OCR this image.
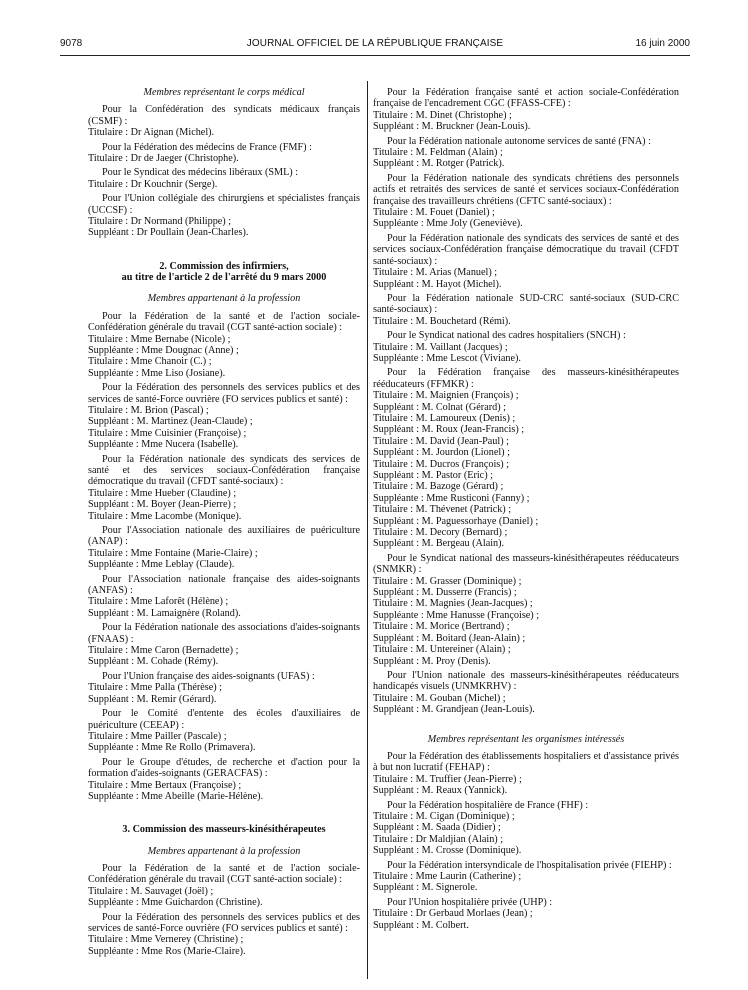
9078	JOURNAL OFFICIEL DE LA RÉPUBLIQUE FRANÇAISE	16 juin 2000

Membres représentant le corps médical

Pour la Confédération des syndicats médicaux français (CSMF) :

Titulaire : Dr Aignan (Michel).

Pour la Fédération des médecins de France (FMF) :

Titulaire : Dr de Jaeger (Christophe).

Pour le Syndicat des médecins libéraux (SML) :

Titulaire : Dr Kouchnir (Serge).

Pour l'Union collégiale des chirurgiens et spécialistes français (UCCSF) :

Titulaire : Dr Normand (Philippe) ;

Suppléant : Dr Poullain (Jean-Charles).

2. Commission des infirmiers,

au titre de l'article 2 de l'arrêté du 9 mars 2000

Membres appartenant à la profession

Pour la Fédération de la santé et de l'action sociale-Confédération générale du travail (CGT santé-action sociale) :

Titulaire : Mme Bernabe (Nicole) ;

Suppléante : Mme Dougnac (Anne) ;

Titulaire : Mme Chanoir (C.) ;

Suppléante : Mme Liso (Josiane).

Pour la Fédération des personnels des services publics et des services de santé-Force ouvrière (FO services publics et santé) :

Titulaire : M. Brion (Pascal) ;

Suppléant : M. Martinez (Jean-Claude) ;

Titulaire : Mme Cuisinier (Françoise) ;

Suppléante : Mme Nucera (Isabelle).

Pour la Fédération nationale des syndicats des services de santé et des services sociaux-Confédération française démocratique du travail (CFDT santé-sociaux) :

Titulaire : Mme Hueber (Claudine) ;

Suppléant : M. Boyer (Jean-Pierre) ;

Titulaire : Mme Lacombe (Monique).

Pour l'Association nationale des auxiliaires de puériculture (ANAP) :

Titulaire : Mme Fontaine (Marie-Claire) ;

Suppléante : Mme Leblay (Claude).

Pour l'Association nationale française des aides-soignants (ANFAS) :

Titulaire : Mme Laforêt (Hélène) ;

Suppléant : M. Lamaignère (Roland).

Pour la Fédération nationale des associations d'aides-soignants (FNAAS) :

Titulaire : Mme Caron (Bernadette) ;

Suppléant : M. Cohade (Rémy).

Pour l'Union française des aides-soignants (UFAS) :

Titulaire : Mme Palla (Thérèse) ;

Suppléant : M. Remir (Gérard).

Pour le Comité d'entente des écoles d'auxiliaires de puériculture (CEEAP) :

Titulaire : Mme Pailler (Pascale) ;

Suppléante : Mme Re Rollo (Primavera).

Pour le Groupe d'études, de recherche et d'action pour la formation d'aides-soignants (GERACFAS) :

Titulaire : Mme Bertaux (Françoise) ;

Suppléante : Mme Abeille (Marie-Hélène).

3. Commission des masseurs-kinésithérapeutes

Membres appartenant à la profession

Pour la Fédération de la santé et de l'action sociale-Confédération générale du travail (CGT santé-action sociale) :

Titulaire : M. Sauvaget (Joël) ;

Suppléante : Mme Guichardon (Christine).

Pour la Fédération des personnels des services publics et des services de santé-Force ouvrière (FO services publics et santé) :

Titulaire : Mme Vernerey (Christine) ;

Suppléante : Mme Ros (Marie-Claire).

Pour la Fédération française santé et action sociale-Confédération française de l'encadrement CGC (FFASS-CFE) :

Titulaire : M. Dinet (Christophe) ;

Suppléant : M. Bruckner (Jean-Louis).

Pour la Fédération nationale autonome services de santé (FNA) :

Titulaire : M. Feldman (Alain) ;

Suppléant : M. Rotger (Patrick).

Pour la Fédération nationale des syndicats chrétiens des personnels actifs et retraités des services de santé et services sociaux-Confédération française des travailleurs chrétiens (CFTC santé-sociaux) :

Titulaire : M. Fouet (Daniel) ;

Suppléante : Mme Joly (Geneviève).

Pour la Fédération nationale des syndicats des services de santé et des services sociaux-Confédération française démocratique du travail (CFDT santé-sociaux) :

Titulaire : M. Arias (Manuel) ;

Suppléant : M. Hayot (Michel).

Pour la Fédération nationale SUD-CRC santé-sociaux (SUD-CRC santé-sociaux) :

Titulaire : M. Bouchetard (Rémi).

Pour le Syndicat national des cadres hospitaliers (SNCH) :

Titulaire : M. Vaillant (Jacques) ;

Suppléante : Mme Lescot (Viviane).

Pour la Fédération française des masseurs-kinésithérapeutes rééducateurs (FFMKR) :

Titulaire : M. Maignien (François) ;

Suppléant : M. Colnat (Gérard) ;

Titulaire : M. Lamoureux (Denis) ;

Suppléant : M. Roux (Jean-Francis) ;

Titulaire : M. David (Jean-Paul) ;

Suppléant : M. Jourdon (Lionel) ;

Titulaire : M. Ducros (François) ;

Suppléant : M. Pastor (Eric) ;

Titulaire : M. Bazoge (Gérard) ;

Suppléante : Mme Rusticoni (Fanny) ;

Titulaire : M. Thévenet (Patrick) ;

Suppléant : M. Paguessorhaye (Daniel) ;

Titulaire : M. Decory (Bernard) ;

Suppléant : M. Bergeau (Alain).

Pour le Syndicat national des masseurs-kinésithérapeutes rééducateurs (SNMKR) :

Titulaire : M. Grasser (Dominique) ;

Suppléant : M. Dusserre (Francis) ;

Titulaire : M. Magnies (Jean-Jacques) ;

Suppléante : Mme Hanusse (Françoise) ;

Titulaire : M. Morice (Bertrand) ;

Suppléant : M. Boitard (Jean-Alain) ;

Titulaire : M. Untereiner (Alain) ;

Suppléant : M. Proy (Denis).

Pour l'Union nationale des masseurs-kinésithérapeutes rééducateurs handicapés visuels (UNMKRHV) :

Titulaire : M. Gouban (Michel) ;

Suppléant : M. Grandjean (Jean-Louis).

Membres représentant les organismes intéressés

Pour la Fédération des établissements hospitaliers et d'assistance privés à but non lucratif (FEHAP) :

Titulaire : M. Truffier (Jean-Pierre) ;

Suppléant : M. Reaux (Yannick).

Pour la Fédération hospitalière de France (FHF) :

Titulaire : M. Cigan (Dominique) ;

Suppléant : M. Saada (Didier) ;

Titulaire : Dr Maldjian (Alain) ;

Suppléant : M. Crosse (Dominique).

Pour la Fédération intersyndicale de l'hospitalisation privée (FIEHP) :

Titulaire : Mme Laurin (Catherine) ;

Suppléant : M. Signerole.

Pour l'Union hospitalière privée (UHP) :

Titulaire : Dr Gerbaud Morlaes (Jean) ;

Suppléant : M. Colbert.
